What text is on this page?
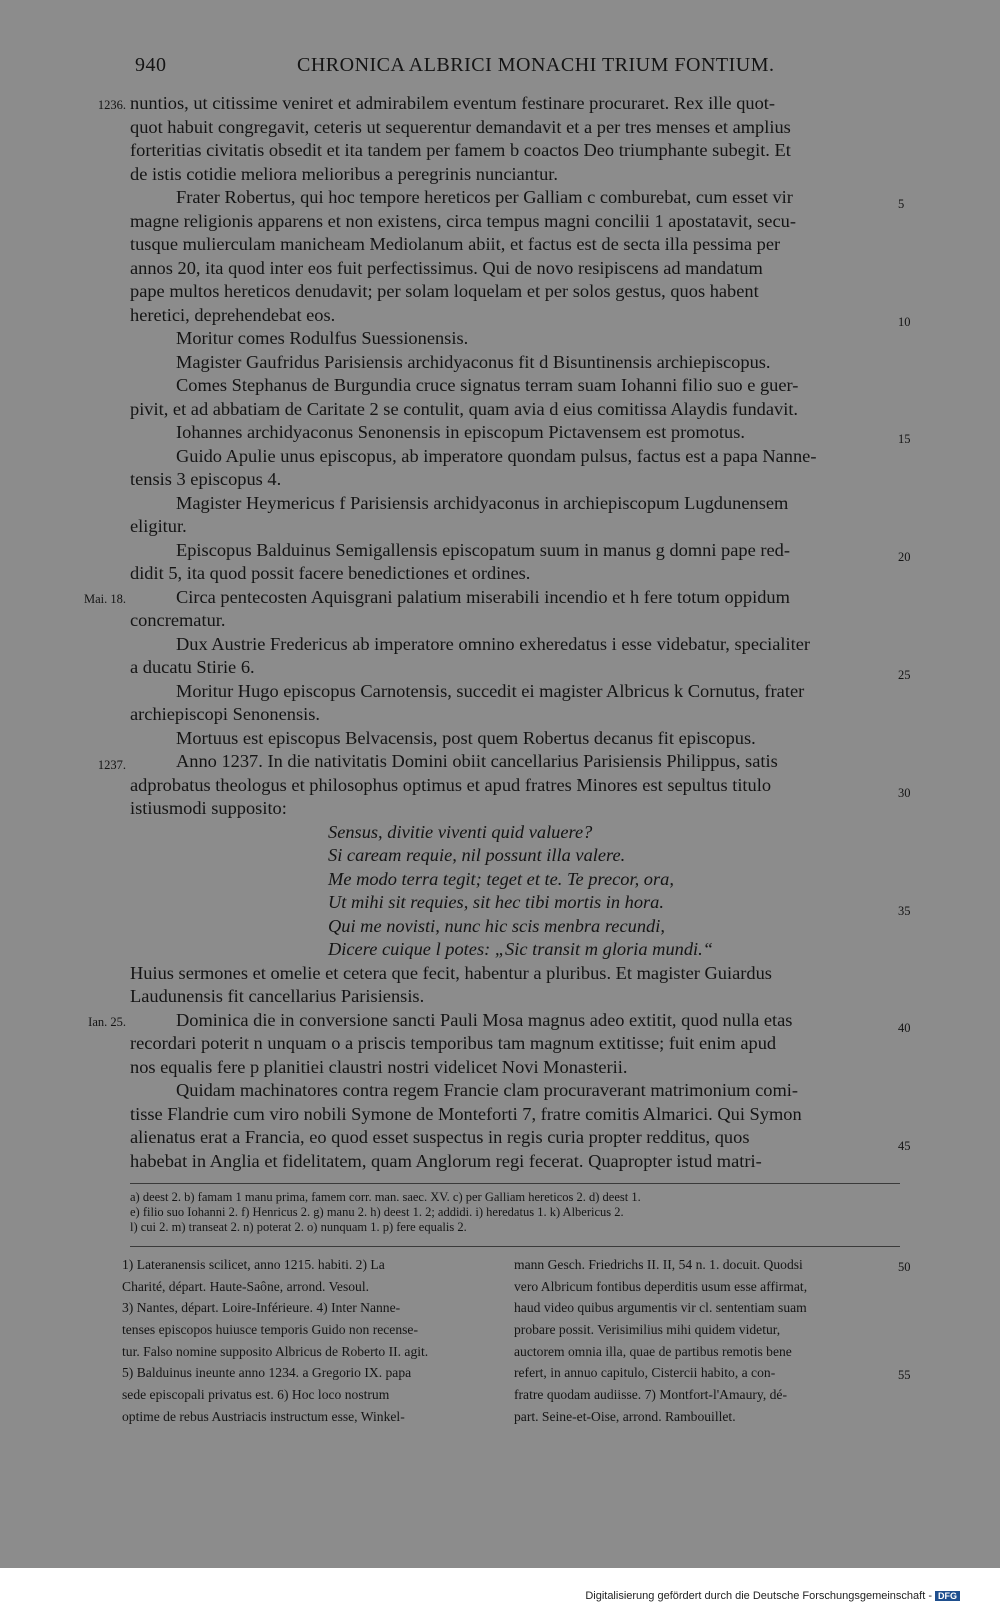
940	CHRONICA ALBRICI MONACHI TRIUM FONTIUM.
nuntios, ut citissime veniret et admirabilem eventum festinare procuraret. Rex ille quot-
quot habuit congregavit, ceteris ut sequerentur demandavit et a per tres menses et amplius
forteritias civitatis obsedit et ita tandem per famem b coactos Deo triumphante subegit. Et
de istis cotidie meliora melioribus a peregrinis nunciantur.
Frater Robertus, qui hoc tempore hereticos per Galliam c comburebat, cum esset vir
magne religionis apparens et non existens, circa tempus magni concilii 1 apostatavit, secu-
tusque mulierculam manicheam Mediolanum abiit, et factus est de secta illa pessima per
annos 20, ita quod inter eos fuit perfectissimus. Qui de novo resipiscens ad mandatum
pape multos hereticos denudavit; per solam loquelam et per solos gestus, quos habent
heretici, deprehendebat eos.
Moritur comes Rodulfus Suessionensis.
Magister Gaufridus Parisiensis archidyaconus fit d Bisuntinensis archiepiscopus.
Comes Stephanus de Burgundia cruce signatus terram suam Iohanni filio suo e guer-
pivit, et ad abbatiam de Caritate 2 se contulit, quam avia d eius comitissa Alaydis fundavit.
Iohannes archidyaconus Senonensis in episcopum Pictavensem est promotus.
Guido Apulie unus episcopus, ab imperatore quondam pulsus, factus est a papa Nanne-
tensis 3 episcopus 4.
Magister Heymericus f Parisiensis archidyaconus in archiepiscopum Lugdunensem
eligitur.
Episcopus Balduinus Semigallensis episcopatum suum in manus g domni pape red-
didit 5, ita quod possit facere benedictiones et ordines.
Circa pentecosten Aquisgrani palatium miserabili incendio et h fere totum oppidum
concrematur.
Dux Austrie Fredericus ab imperatore omnino exheredatus i esse videbatur, specialiter
a ducatu Stirie 6.
Moritur Hugo episcopus Carnotensis, succedit ei magister Albricus k Cornutus, frater
archiepiscopi Senonensis.
Mortuus est episcopus Belvacensis, post quem Robertus decanus fit episcopus.
Anno 1237. In die nativitatis Domini obiit cancellarius Parisiensis Philippus, satis
adprobatus theologus et philosophus optimus et apud fratres Minores est sepultus titulo
istiusmodi supposito:
Sensus, divitie viventi quid valuere?
Si caream requie, nil possunt illa valere.
Me modo terra tegit; teget et te. Te precor, ora,
Ut mihi sit requies, sit hec tibi mortis in hora.
Qui me novisti, nunc hic scis menbra recundi,
Dicere cuique l potes: „Sic transit m gloria mundi.“
Huius sermones et omelie et cetera que fecit, habentur a pluribus. Et magister Guiardus
Laudunensis fit cancellarius Parisiensis.
Dominica die in conversione sancti Pauli Mosa magnus adeo extitit, quod nulla etas
recordari poterit n unquam o a priscis temporibus tam magnum extitisse; fuit enim apud
nos equalis fere p planitiei claustri nostri videlicet Novi Monasterii.
Quidam machinatores contra regem Francie clam procuraverant matrimonium comi-
tisse Flandrie cum viro nobili Symone de Monteforti 7, fratre comitis Almarici. Qui Symon
alienatus erat a Francia, eo quod esset suspectus in regis curia propter redditus, quos
habebat in Anglia et fidelitatem, quam Anglorum regi fecerat. Quapropter istud matri-
1236.
Mai. 18.
1237.
Ian. 25.
5
10
15
20
25
30
35
40
45
50
55
a) deest 2. b) famam 1 manu prima, famem corr. man. saec. XV. c) per Galliam hereticos 2. d) deest 1.
e) filio suo Iohanni 2. f) Henricus 2. g) manu 2. h) deest 1. 2; addidi. i) heredatus 1. k) Albericus 2.
l) cui 2. m) transeat 2. n) poterat 2. o) nunquam 1. p) fere equalis 2.
1) Lateranensis scilicet, anno 1215. habiti. 2) La
Charité, départ. Haute-Saône, arrond. Vesoul.
3) Nantes, départ. Loire-Inférieure. 4) Inter Nanne-
tenses episcopos huiusce temporis Guido non recense-
tur. Falso nomine supposito Albricus de Roberto II. agit.
5) Balduinus ineunte anno 1234. a Gregorio IX. papa
sede episcopali privatus est. 6) Hoc loco nostrum
optime de rebus Austriacis instructum esse, Winkel-
mann Gesch. Friedrichs II. II, 54 n. 1. docuit. Quodsi
vero Albricum fontibus deperditis usum esse affirmat,
haud video quibus argumentis vir cl. sententiam suam
probare possit. Verisimilius mihi quidem videtur,
auctorem omnia illa, quae de partibus remotis bene
refert, in annuo capitulo, Cistercii habito, a con-
fratre quodam audiisse. 7) Montfort-l'Amaury, dé-
part. Seine-et-Oise, arrond. Rambouillet.
Digitalisierung gefördert durch die Deutsche Forschungsgemeinschaft - DFG
